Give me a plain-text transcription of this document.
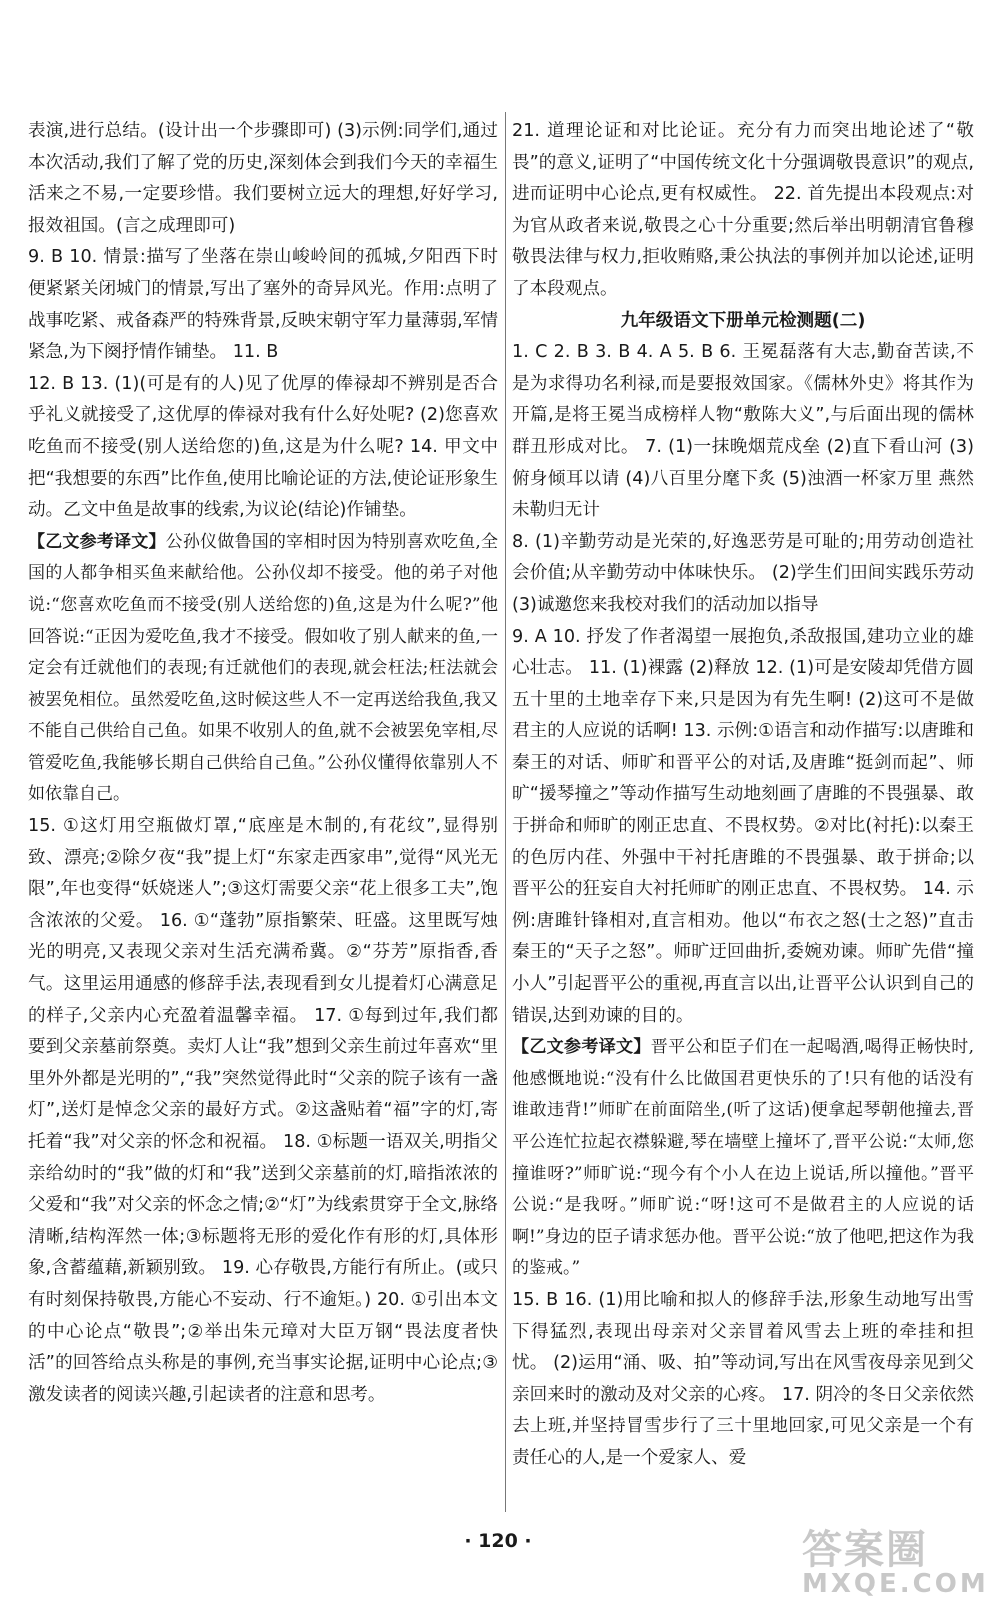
表演,进行总结。(设计出一个步骤即可) (3)示例:同学们,通过本次活动,我们了解了党的历史,深刻体会到我们今天的幸福生活来之不易,一定要珍惜。我们要树立远大的理想,好好学习,报效祖国。(言之成理即可)

9. B 10. 情景:描写了坐落在崇山峻岭间的孤城,夕阳西下时便紧紧关闭城门的情景,写出了塞外的奇异风光。作用:点明了战事吃紧、戒备森严的特殊背景,反映宋朝守军力量薄弱,军情紧急,为下阕抒情作铺垫。 11. B

12. B 13. (1)(可是有的人)见了优厚的俸禄却不辨别是否合乎礼义就接受了,这优厚的俸禄对我有什么好处呢? (2)您喜欢吃鱼而不接受(别人送给您的)鱼,这是为什么呢? 14. 甲文中把“我想要的东西”比作鱼,使用比喻论证的方法,使论证形象生动。乙文中鱼是故事的线索,为议论(结论)作铺垫。

【乙文参考译文】公孙仪做鲁国的宰相时因为特别喜欢吃鱼,全国的人都争相买鱼来献给他。公孙仪却不接受。他的弟子对他说:“您喜欢吃鱼而不接受(别人送给您的)鱼,这是为什么呢?”他回答说:“正因为爱吃鱼,我才不接受。假如收了别人献来的鱼,一定会有迁就他们的表现;有迁就他们的表现,就会枉法;枉法就会被罢免相位。虽然爱吃鱼,这时候这些人不一定再送给我鱼,我又不能自己供给自己鱼。如果不收别人的鱼,就不会被罢免宰相,尽管爱吃鱼,我能够长期自己供给自己鱼。”公孙仪懂得依靠别人不如依靠自己。

15. ①这灯用空瓶做灯罩,“底座是木制的,有花纹”,显得别致、漂亮;②除夕夜“我”提上灯“东家走西家串”,觉得“风光无限”,年也变得“妖娆迷人”;③这灯需要父亲“花上很多工夫”,饱含浓浓的父爱。 16. ①“蓬勃”原指繁荣、旺盛。这里既写烛光的明亮,又表现父亲对生活充满希冀。②“芬芳”原指香,香气。这里运用通感的修辞手法,表现看到女儿提着灯心满意足的样子,父亲内心充盈着温馨幸福。 17. ①每到过年,我们都要到父亲墓前祭奠。卖灯人让“我”想到父亲生前过年喜欢“里里外外都是光明的”,“我”突然觉得此时“父亲的院子该有一盏灯”,送灯是悼念父亲的最好方式。②这盏贴着“福”字的灯,寄托着“我”对父亲的怀念和祝福。 18. ①标题一语双关,明指父亲给幼时的“我”做的灯和“我”送到父亲墓前的灯,暗指浓浓的父爱和“我”对父亲的怀念之情;②“灯”为线索贯穿于全文,脉络清晰,结构浑然一体;③标题将无形的爱化作有形的灯,具体形象,含蓄蕴藉,新颖别致。 19. 心存敬畏,方能行有所止。(或只有时刻保持敬畏,方能心不妄动、行不逾矩。) 20. ①引出本文的中心论点“敬畏”;②举出朱元璋对大臣万钢“畏法度者快活”的回答给点头称是的事例,充当事实论据,证明中心论点;③激发读者的阅读兴趣,引起读者的注意和思考。

21. 道理论证和对比论证。充分有力而突出地论述了“敬畏”的意义,证明了“中国传统文化十分强调敬畏意识”的观点,进而证明中心论点,更有权威性。 22. 首先提出本段观点:对为官从政者来说,敬畏之心十分重要;然后举出明朝清官鲁穆敬畏法律与权力,拒收贿赂,秉公执法的事例并加以论述,证明了本段观点。

九年级语文下册单元检测题(二)

1. C 2. B 3. B 4. A 5. B 6. 王冕磊落有大志,勤奋苦读,不是为求得功名利禄,而是要报效国家。《儒林外史》将其作为开篇,是将王冕当成榜样人物“敷陈大义”,与后面出现的儒林群丑形成对比。 7. (1)一抹晚烟荒戍垒 (2)直下看山河 (3)俯身倾耳以请 (4)八百里分麾下炙 (5)浊酒一杯家万里 燕然未勒归无计

8. (1)辛勤劳动是光荣的,好逸恶劳是可耻的;用劳动创造社会价值;从辛勤劳动中体味快乐。 (2)学生们田间实践乐劳动 (3)诚邀您来我校对我们的活动加以指导

9. A 10. 抒发了作者渴望一展抱负,杀敌报国,建功立业的雄心壮志。 11. (1)裸露 (2)释放 12. (1)可是安陵却凭借方圆五十里的土地幸存下来,只是因为有先生啊! (2)这可不是做君主的人应说的话啊! 13. 示例:①语言和动作描写:以唐雎和秦王的对话、师旷和晋平公的对话,及唐雎“挺剑而起”、师旷“援琴撞之”等动作描写生动地刻画了唐雎的不畏强暴、敢于拼命和师旷的刚正忠直、不畏权势。②对比(衬托):以秦王的色厉内荏、外强中干衬托唐雎的不畏强暴、敢于拼命;以晋平公的狂妄自大衬托师旷的刚正忠直、不畏权势。 14. 示例:唐雎针锋相对,直言相劝。他以“布衣之怒(士之怒)”直击秦王的“天子之怒”。师旷迂回曲折,委婉劝谏。师旷先借“撞小人”引起晋平公的重视,再直言以出,让晋平公认识到自己的错误,达到劝谏的目的。

【乙文参考译文】晋平公和臣子们在一起喝酒,喝得正畅快时,他感慨地说:“没有什么比做国君更快乐的了!只有他的话没有谁敢违背!”师旷在前面陪坐,(听了这话)便拿起琴朝他撞去,晋平公连忙拉起衣襟躲避,琴在墙壁上撞坏了,晋平公说:“太师,您撞谁呀?”师旷说:“现今有个小人在边上说话,所以撞他。”晋平公说:“是我呀。”师旷说:“呀!这可不是做君主的人应说的话啊!”身边的臣子请求惩办他。晋平公说:“放了他吧,把这作为我的鉴戒。”

15. B 16. (1)用比喻和拟人的修辞手法,形象生动地写出雪下得猛烈,表现出母亲对父亲冒着风雪去上班的牵挂和担忧。 (2)运用“涌、吸、拍”等动词,写出在风雪夜母亲见到父亲回来时的激动及对父亲的心疼。 17. 阴冷的冬日父亲依然去上班,并坚持冒雪步行了三十里地回家,可见父亲是一个有责任心的人,是一个爱家人、爱

· 120 ·	答案圈
MXQE.COM
